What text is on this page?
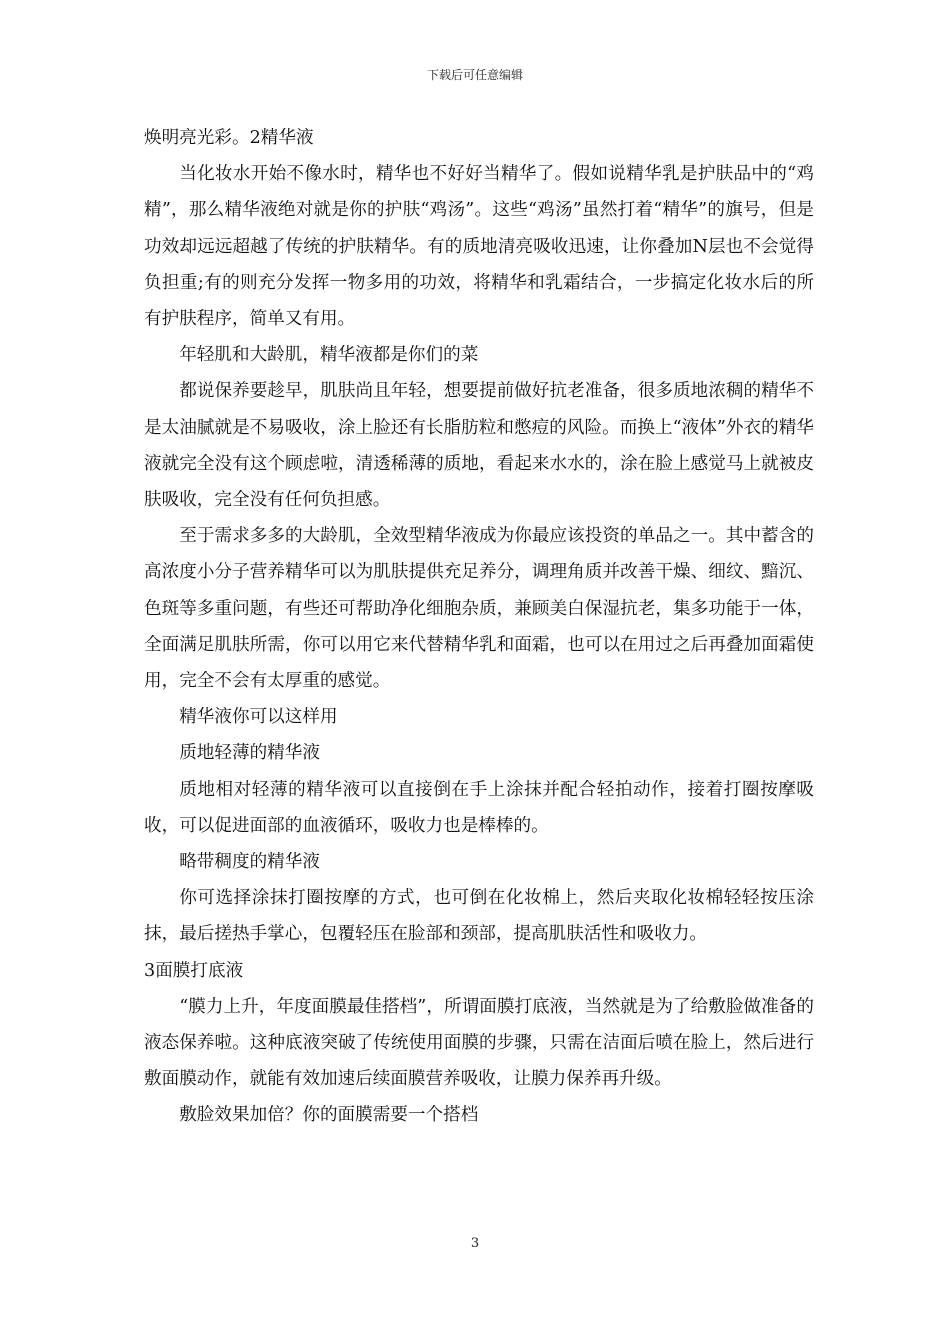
下载后可任意编辑

焕明亮光彩。2精华液

当化妆水开始不像水时，精华也不好好当精华了。假如说精华乳是护肤品中的“鸡精”，那么精华液绝对就是你的护肤“鸡汤”。这些“鸡汤”虽然打着“精华”的旗号，但是功效却远远超越了传统的护肤精华。有的质地清亮吸收迅速，让你叠加N层也不会觉得负担重;有的则充分发挥一物多用的功效，将精华和乳霜结合，一步搞定化妆水后的所有护肤程序，简单又有用。

年轻肌和大龄肌，精华液都是你们的菜

都说保养要趁早，肌肤尚且年轻，想要提前做好抗老准备，很多质地浓稠的精华不是太油腻就是不易吸收，涂上脸还有长脂肪粒和憋痘的风险。而换上“液体”外衣的精华液就完全没有这个顾虑啦，清透稀薄的质地，看起来水水的，涂在脸上感觉马上就被皮肤吸收，完全没有任何负担感。

至于需求多多的大龄肌，全效型精华液成为你最应该投资的单品之一。其中蓄含的高浓度小分子营养精华可以为肌肤提供充足养分，调理角质并改善干燥、细纹、黯沉、色斑等多重问题，有些还可帮助净化细胞杂质，兼顾美白保湿抗老，集多功能于一体，全面满足肌肤所需，你可以用它来代替精华乳和面霜，也可以在用过之后再叠加面霜使用，完全不会有太厚重的感觉。

精华液你可以这样用

质地轻薄的精华液

质地相对轻薄的精华液可以直接倒在手上涂抹并配合轻拍动作，接着打圈按摩吸收，可以促进面部的血液循环，吸收力也是棒棒的。

略带稠度的精华液

你可选择涂抹打圈按摩的方式，也可倒在化妆棉上，然后夹取化妆棉轻轻按压涂抹，最后搓热手掌心，包覆轻压在脸部和颈部，提高肌肤活性和吸收力。

3面膜打底液

“膜力上升，年度面膜最佳搭档”，所谓面膜打底液，当然就是为了给敷脸做准备的液态保养啦。这种底液突破了传统使用面膜的步骤，只需在洁面后喷在脸上，然后进行敷面膜动作，就能有效加速后续面膜营养吸收，让膜力保养再升级。

敷脸效果加倍？你的面膜需要一个搭档

3
